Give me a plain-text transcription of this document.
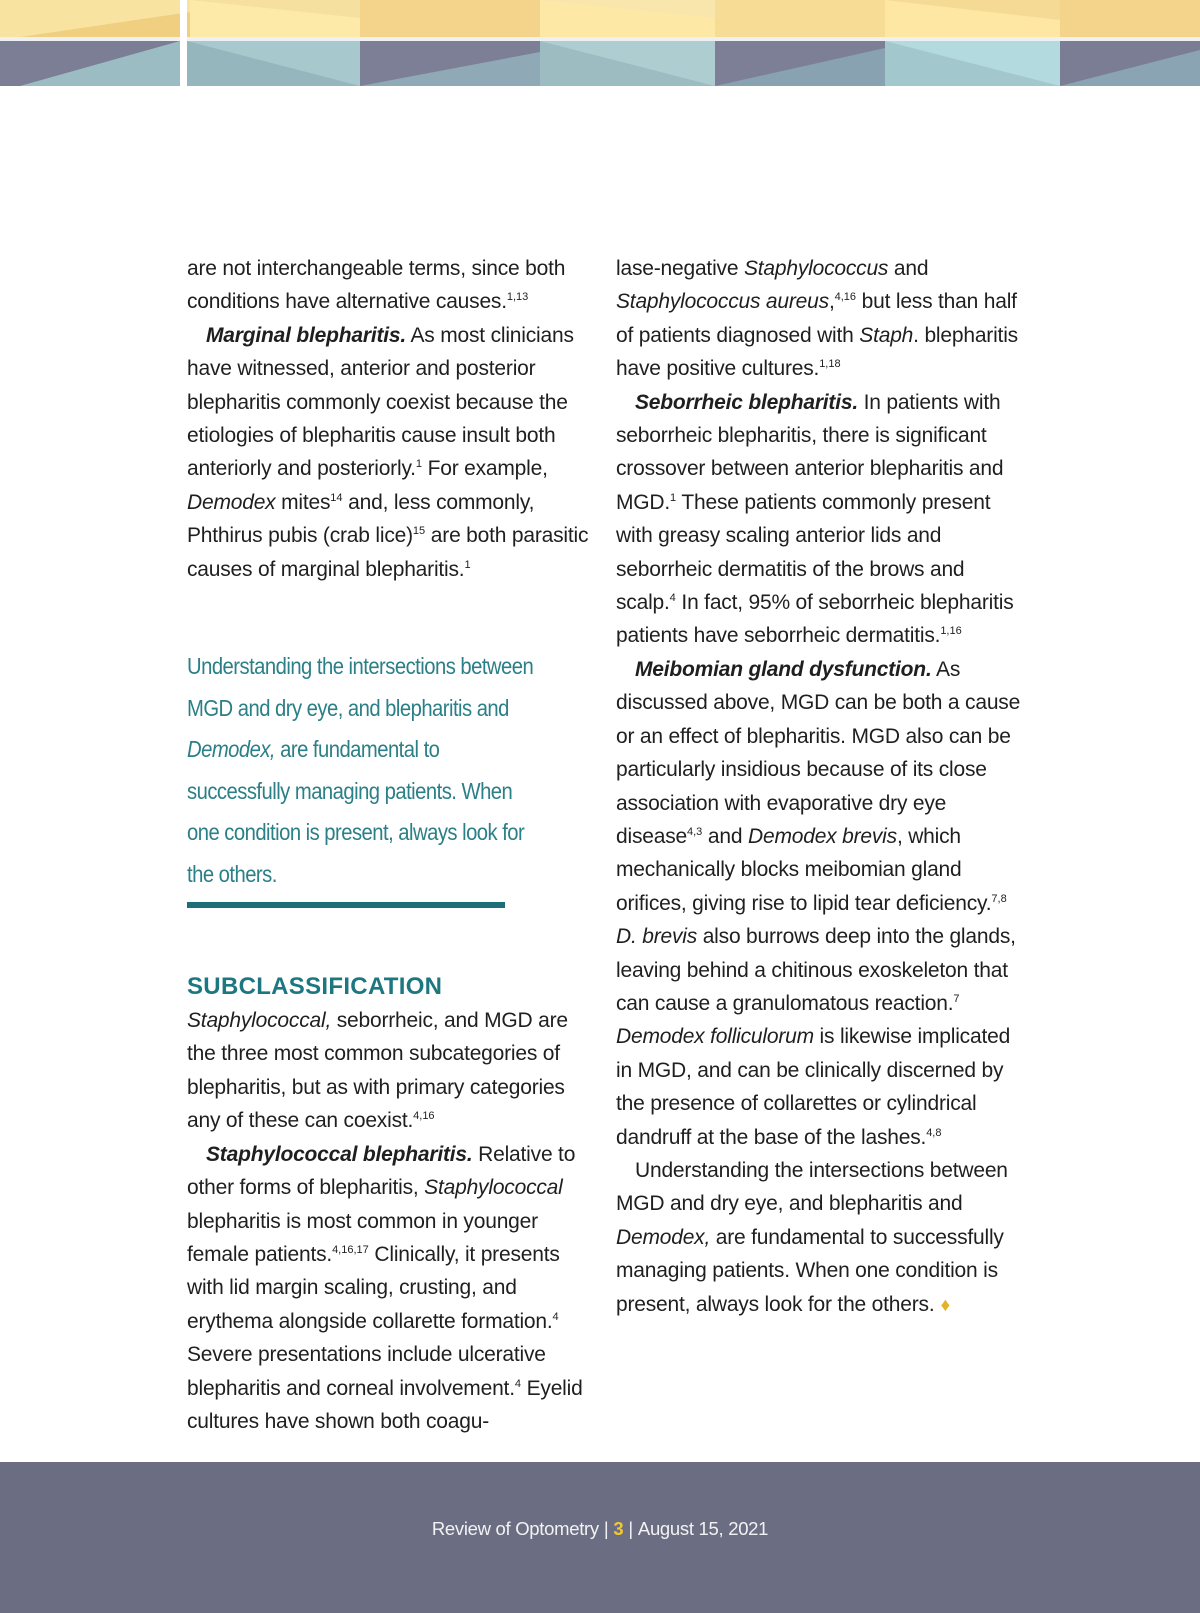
are not interchangeable terms, since both conditions have alternative causes.$^{1,13}$

Marginal blepharitis. As most clinicians have witnessed, anterior and posterior blepharitis commonly coexist because the etiologies of blepharitis cause insult both anteriorly and posteriorly.$^1$ For example, Demodex mites$^{14}$ and, less commonly, Phthirus pubis (crab lice)$^{15}$ are both parasitic causes of marginal blepharitis.$^1$

Understanding the intersections between MGD and dry eye, and blepharitis and Demodex, are fundamental to successfully managing patients. When one condition is present, always look for the others.
SUBCLASSIFICATION

Staphylococcal, seborrheic, and MGD are the three most common subcategories of blepharitis, but as with primary categories any of these can coexist.$^{4,16}$

Staphylococcal blepharitis. Relative to other forms of blepharitis, Staphylococcal blepharitis is most common in younger female patients.$^{4,16,17}$ Clinically, it presents with lid margin scaling, crusting, and erythema alongside collarette formation.$^4$ Severe presentations include ulcerative blepharitis and corneal involvement.$^4$ Eyelid cultures have shown both coagu-

lase-negative Staphylococcus and Staphylococcus aureus,$^{4,16}$ but less than half of patients diagnosed with Staph. blepharitis have positive cultures.$^{1,18}$

Seborrheic blepharitis. In patients with seborrheic blepharitis, there is significant crossover between anterior blepharitis and MGD.$^1$ These patients commonly present with greasy scaling anterior lids and seborrheic dermatitis of the brows and scalp.$^4$ In fact, 95% of seborrheic blepharitis patients have seborrheic dermatitis.$^{1,16}$

Meibomian gland dysfunction. As discussed above, MGD can be both a cause or an effect of blepharitis. MGD also can be particularly insidious because of its close association with evaporative dry eye disease$^{4,3}$ and Demodex brevis, which mechanically blocks meibomian gland orifices, giving rise to lipid tear deficiency.$^{7,8}$ D. brevis also burrows deep into the glands, leaving behind a chitinous exoskeleton that can cause a granulomatous reaction.$^7$ Demodex folliculorum is likewise implicated in MGD, and can be clinically discerned by the presence of collarettes or cylindrical dandruff at the base of the lashes.$^{4,8}$

Understanding the intersections between MGD and dry eye, and blepharitis and Demodex, are fundamental to successfully managing patients. When one condition is present, always look for the others. ♦

Review of Optometry | 3 | August 15, 2021
